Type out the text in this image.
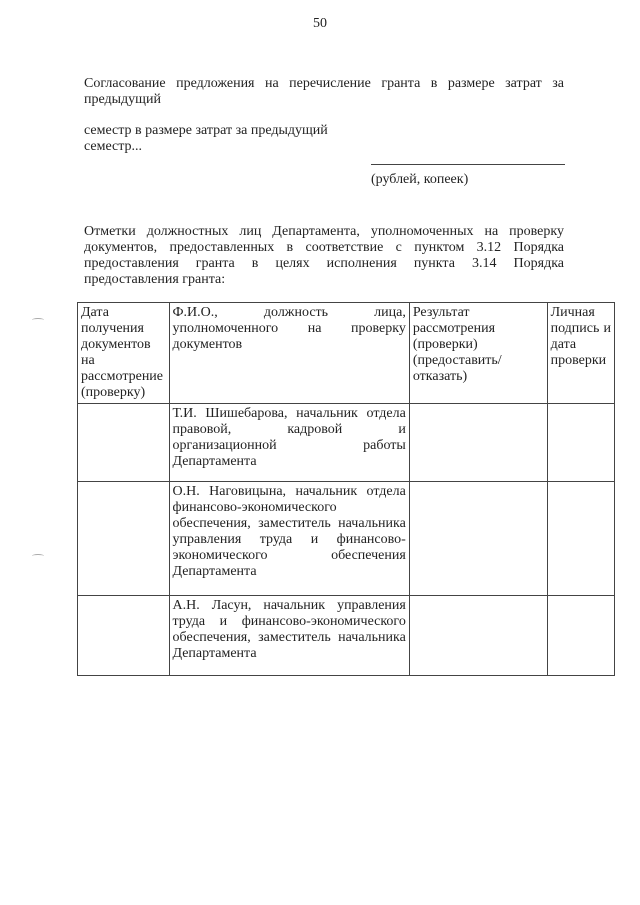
50
Согласование предложения на перечисление гранта в размере затрат за предыдущий
семестр в размере затрат за предыдущий семестр...
(рублей, копеек)
Отметки должностных лиц Департамента, уполномоченных на проверку документов, предоставленных в соответствие с пунктом 3.12 Порядка предоставления гранта в целях исполнения пункта 3.14 Порядка предоставления гранта:
Дата получения документов на рассмотрение (проверку)	Ф.И.О., должность лица, уполномоченного на проверку документов	Результат рассмотрения (проверки) (предоставить/отказать)	Личная подпись и дата проверки
	Т.И. Шишебарова, начальник отдела правовой, кадровой и организационной работы Департамента		
	О.Н. Наговицына, начальник отдела финансово-экономического обеспечения, заместитель начальника управления труда и финансово-экономического обеспечения Департамента		
	А.Н. Ласун, начальник управления труда и финансово-экономического обеспечения, заместитель начальника Департамента		
